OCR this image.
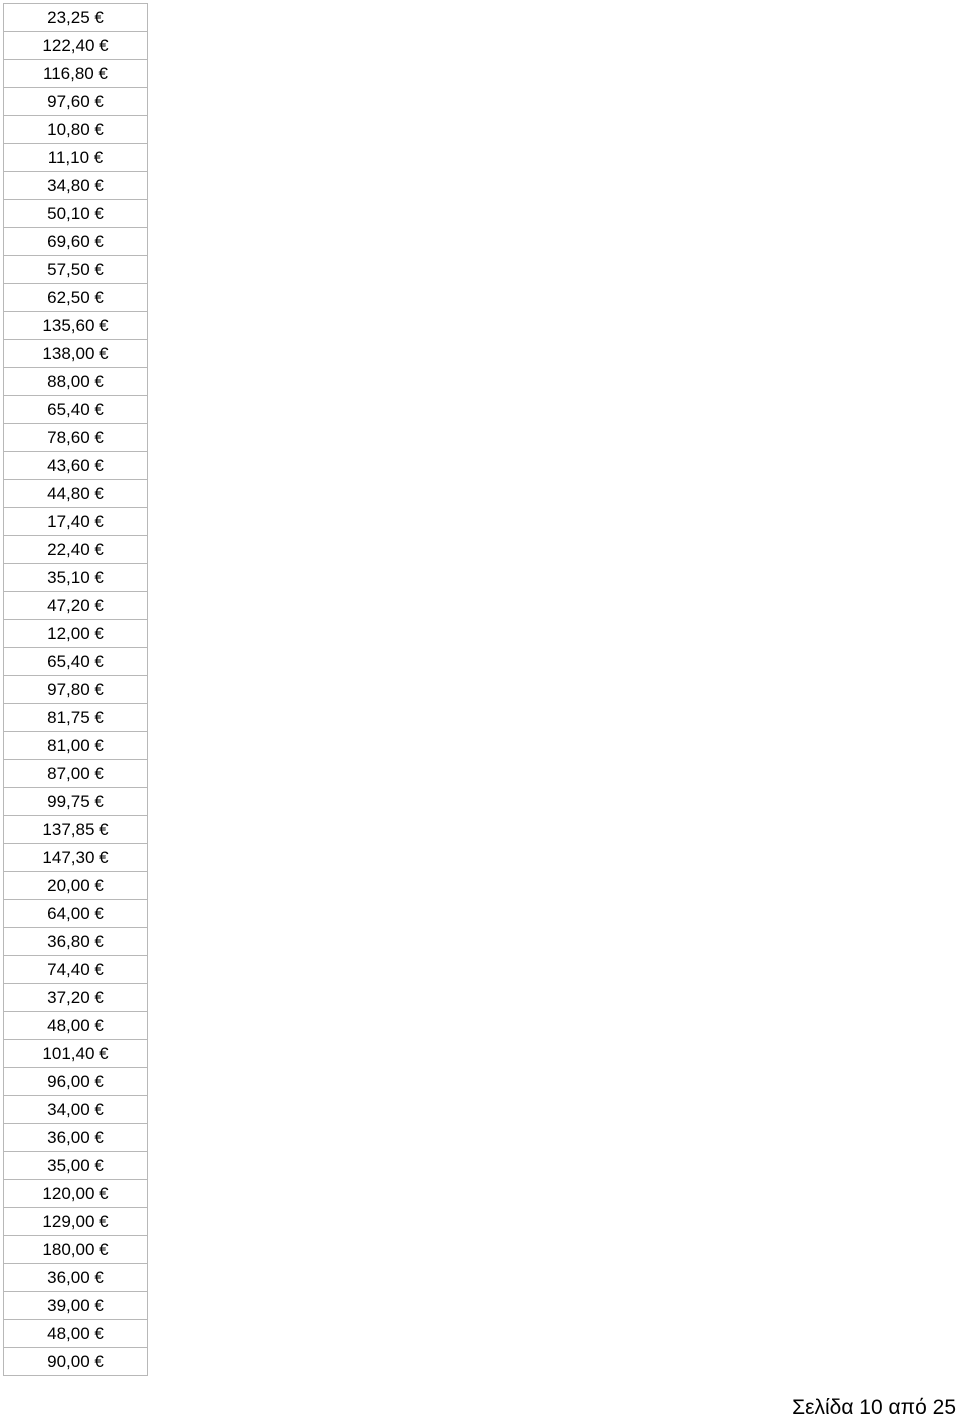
23,25 €
122,40 €
116,80 €
97,60 €
10,80 €
11,10 €
34,80 €
50,10 €
69,60 €
57,50 €
62,50 €
135,60 €
138,00 €
88,00 €
65,40 €
78,60 €
43,60 €
44,80 €
17,40 €
22,40 €
35,10 €
47,20 €
12,00 €
65,40 €
97,80 €
81,75 €
81,00 €
87,00 €
99,75 €
137,85 €
147,30 €
20,00 €
64,00 €
36,80 €
74,40 €
37,20 €
48,00 €
101,40 €
96,00 €
34,00 €
36,00 €
35,00 €
120,00 €
129,00 €
180,00 €
36,00 €
39,00 €
48,00 €
90,00 €
Σελίδα 10 από 25
